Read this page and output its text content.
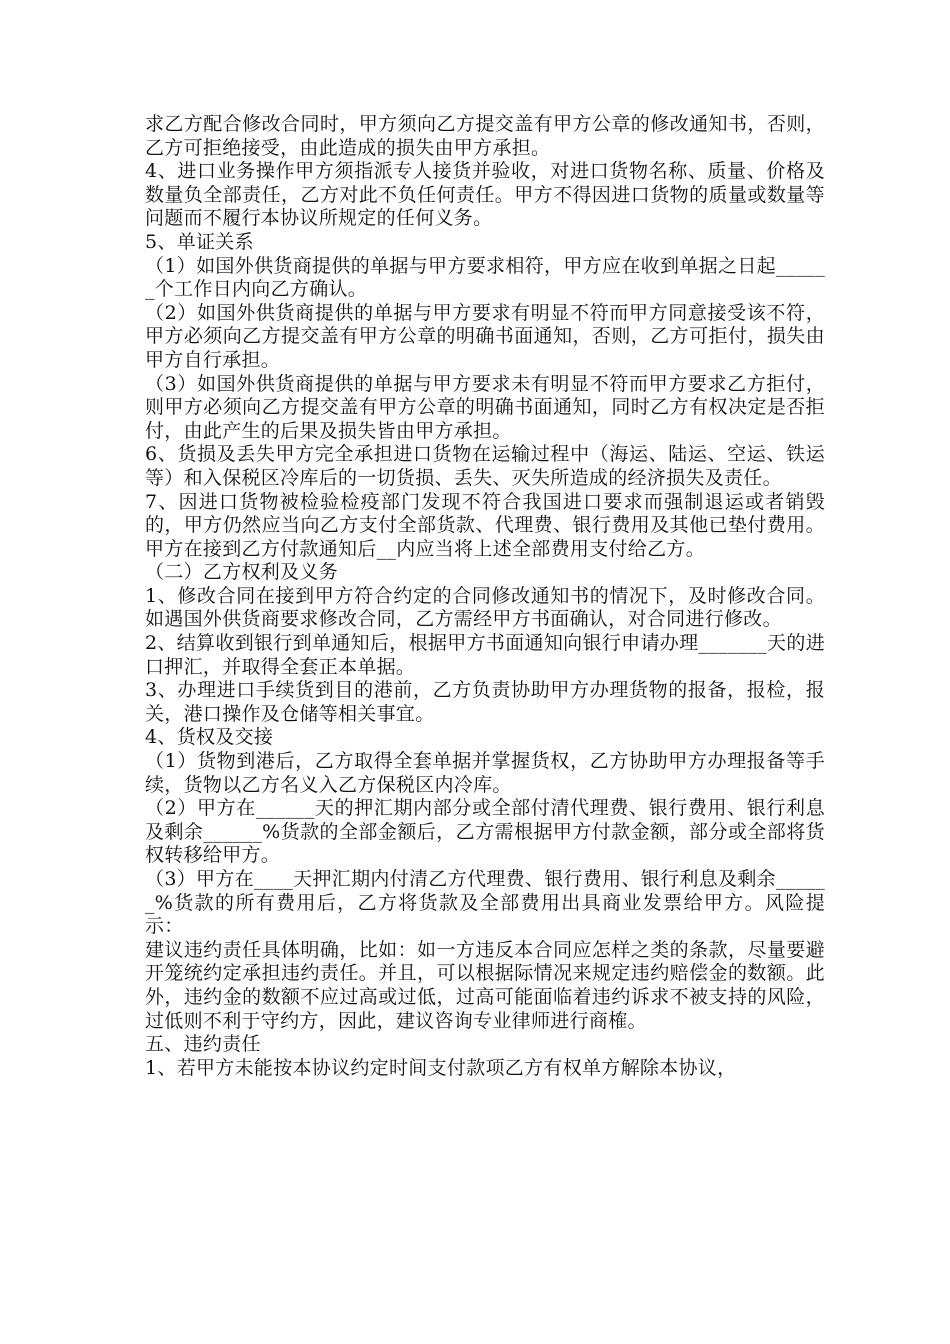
求乙方配合修改合同时，甲方须向乙方提交盖有甲方公章的修改通知书，否则，乙方可拒绝接受，由此造成的损失由甲方承担。

4、进口业务操作甲方须指派专人接货并验收，对进口货物名称、质量、价格及数量负全部责任，乙方对此不负任何责任。甲方不得因进口货物的质量或数量等问题而不履行本协议所规定的任何义务。

5、单证关系

（1）如国外供货商提供的单据与甲方要求相符，甲方应在收到单据之日起______个工作日内向乙方确认。

（2）如国外供货商提供的单据与甲方要求有明显不符而甲方同意接受该不符，甲方必须向乙方提交盖有甲方公章的明确书面通知，否则，乙方可拒付，损失由甲方自行承担。

（3）如国外供货商提供的单据与甲方要求未有明显不符而甲方要求乙方拒付，则甲方必须向乙方提交盖有甲方公章的明确书面通知，同时乙方有权决定是否拒付，由此产生的后果及损失皆由甲方承担。

6、货损及丢失甲方完全承担进口货物在运输过程中（海运、陆运、空运、铁运等）和入保税区冷库后的一切货损、丢失、灭失所造成的经济损失及责任。

7、因进口货物被检验检疫部门发现不符合我国进口要求而强制退运或者销毁的，甲方仍然应当向乙方支付全部货款、代理费、银行费用及其他已垫付费用。甲方在接到乙方付款通知后__内应当将上述全部费用支付给乙方。

（二）乙方权利及义务

1、修改合同在接到甲方符合约定的合同修改通知书的情况下，及时修改合同。如遇国外供货商要求修改合同，乙方需经甲方书面确认，对合同进行修改。

2、结算收到银行到单通知后，根据甲方书面通知向银行申请办理_______天的进口押汇，并取得全套正本单据。

3、办理进口手续货到目的港前，乙方负责协助甲方办理货物的报备，报检，报关，港口操作及仓储等相关事宜。

4、货权及交接

（1）货物到港后，乙方取得全套单据并掌握货权，乙方协助甲方办理报备等手续，货物以乙方名义入乙方保税区内冷库。

（2）甲方在______天的押汇期内部分或全部付清代理费、银行费用、银行利息及剩余______%货款的全部金额后，乙方需根据甲方付款金额，部分或全部将货权转移给甲方。

（3）甲方在____天押汇期内付清乙方代理费、银行费用、银行利息及剩余______%货款的所有费用后，乙方将货款及全部费用出具商业发票给甲方。风险提示：

建议违约责任具体明确，比如：如一方违反本合同应怎样之类的条款，尽量要避开笼统约定承担违约责任。并且，可以根据际情况来规定违约赔偿金的数额。此外，违约金的数额不应过高或过低，过高可能面临着违约诉求不被支持的风险，过低则不利于守约方，因此，建议咨询专业律师进行商榷。

五、违约责任

1、若甲方未能按本协议约定时间支付款项乙方有权单方解除本协议，
